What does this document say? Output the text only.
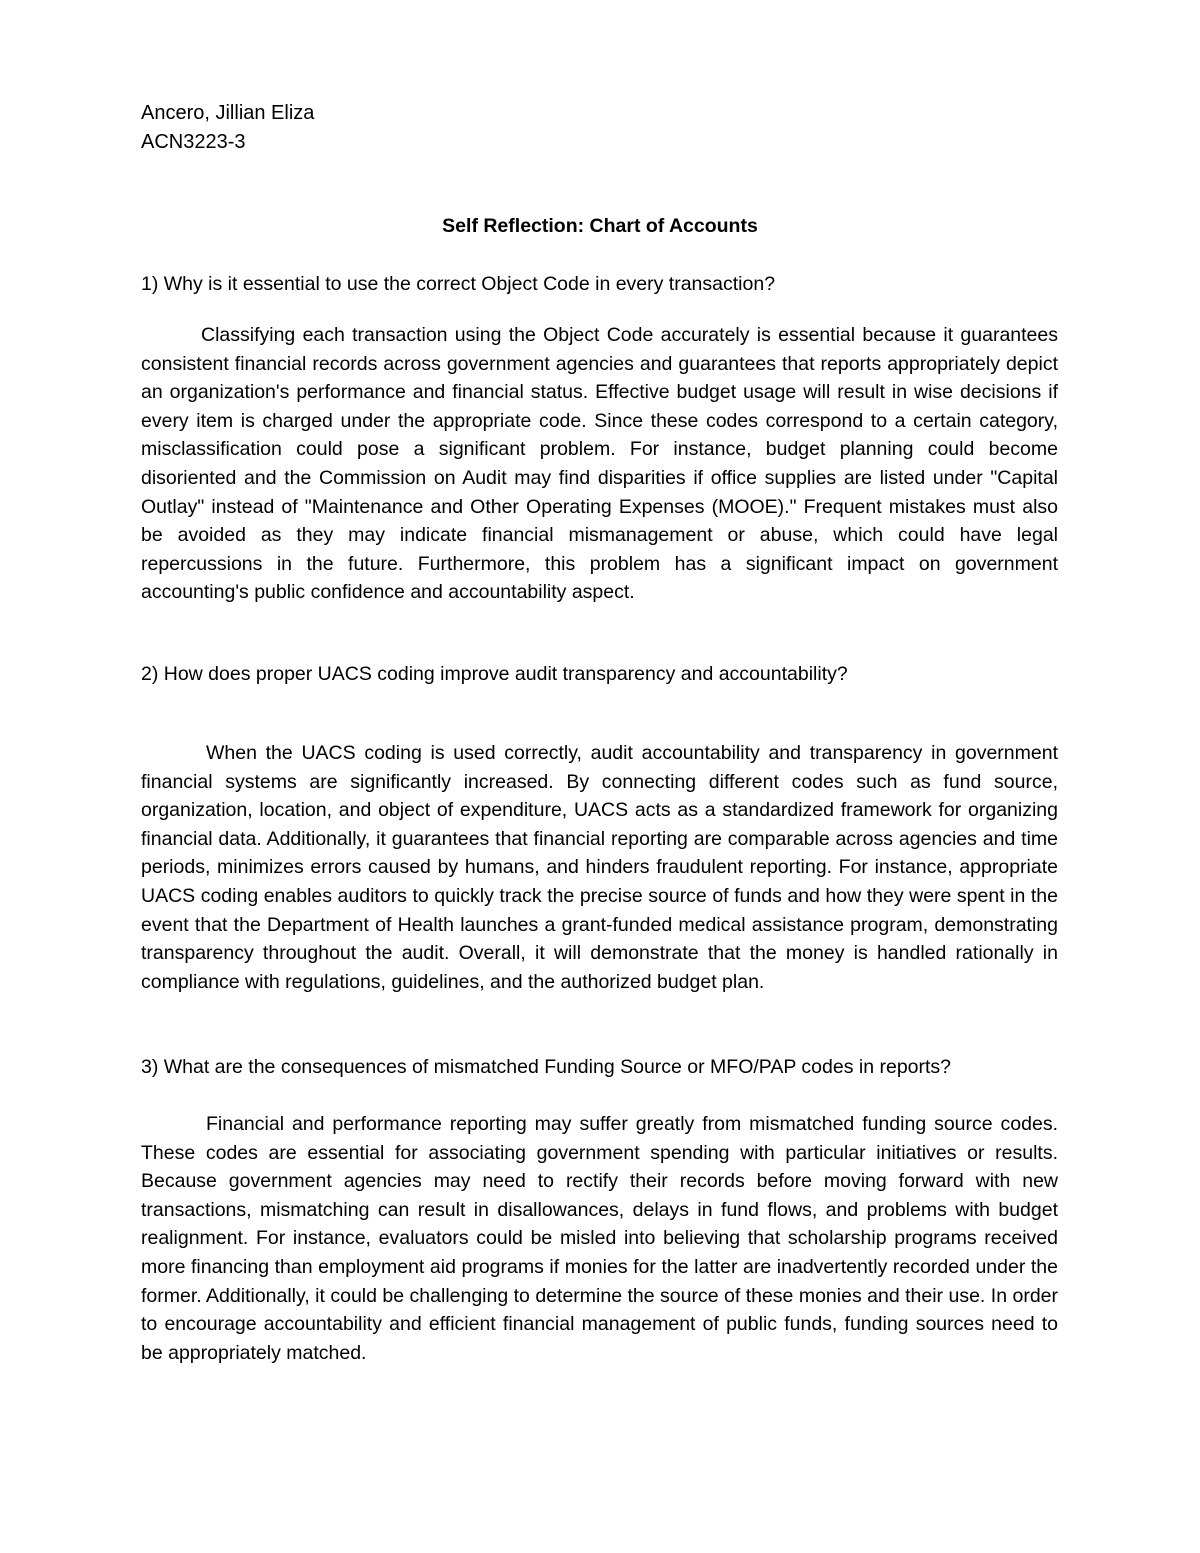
Ancero, Jillian Eliza
ACN3223-3
Self Reflection: Chart of Accounts
1) Why is it essential to use the correct Object Code in every transaction?

Classifying each transaction using the Object Code accurately is essential because it guarantees consistent financial records across government agencies and guarantees that reports appropriately depict an organization's performance and financial status. Effective budget usage will result in wise decisions if every item is charged under the appropriate code. Since these codes correspond to a certain category, misclassification could pose a significant problem. For instance, budget planning could become disoriented and the Commission on Audit may find disparities if office supplies are listed under "Capital Outlay" instead of "Maintenance and Other Operating Expenses (MOOE)." Frequent mistakes must also be avoided as they may indicate financial mismanagement or abuse, which could have legal repercussions in the future. Furthermore, this problem has a significant impact on government accounting's public confidence and accountability aspect.

2) How does proper UACS coding improve audit transparency and accountability?

When the UACS coding is used correctly, audit accountability and transparency in government financial systems are significantly increased. By connecting different codes such as fund source, organization, location, and object of expenditure, UACS acts as a standardized framework for organizing financial data. Additionally, it guarantees that financial reporting are comparable across agencies and time periods, minimizes errors caused by humans, and hinders fraudulent reporting. For instance, appropriate UACS coding enables auditors to quickly track the precise source of funds and how they were spent in the event that the Department of Health launches a grant-funded medical assistance program, demonstrating transparency throughout the audit. Overall, it will demonstrate that the money is handled rationally in compliance with regulations, guidelines, and the authorized budget plan.

3) What are the consequences of mismatched Funding Source or MFO/PAP codes in reports?

Financial and performance reporting may suffer greatly from mismatched funding source codes. These codes are essential for associating government spending with particular initiatives or results. Because government agencies may need to rectify their records before moving forward with new transactions, mismatching can result in disallowances, delays in fund flows, and problems with budget realignment. For instance, evaluators could be misled into believing that scholarship programs received more financing than employment aid programs if monies for the latter are inadvertently recorded under the former. Additionally, it could be challenging to determine the source of these monies and their use. In order to encourage accountability and efficient financial management of public funds, funding sources need to be appropriately matched.
